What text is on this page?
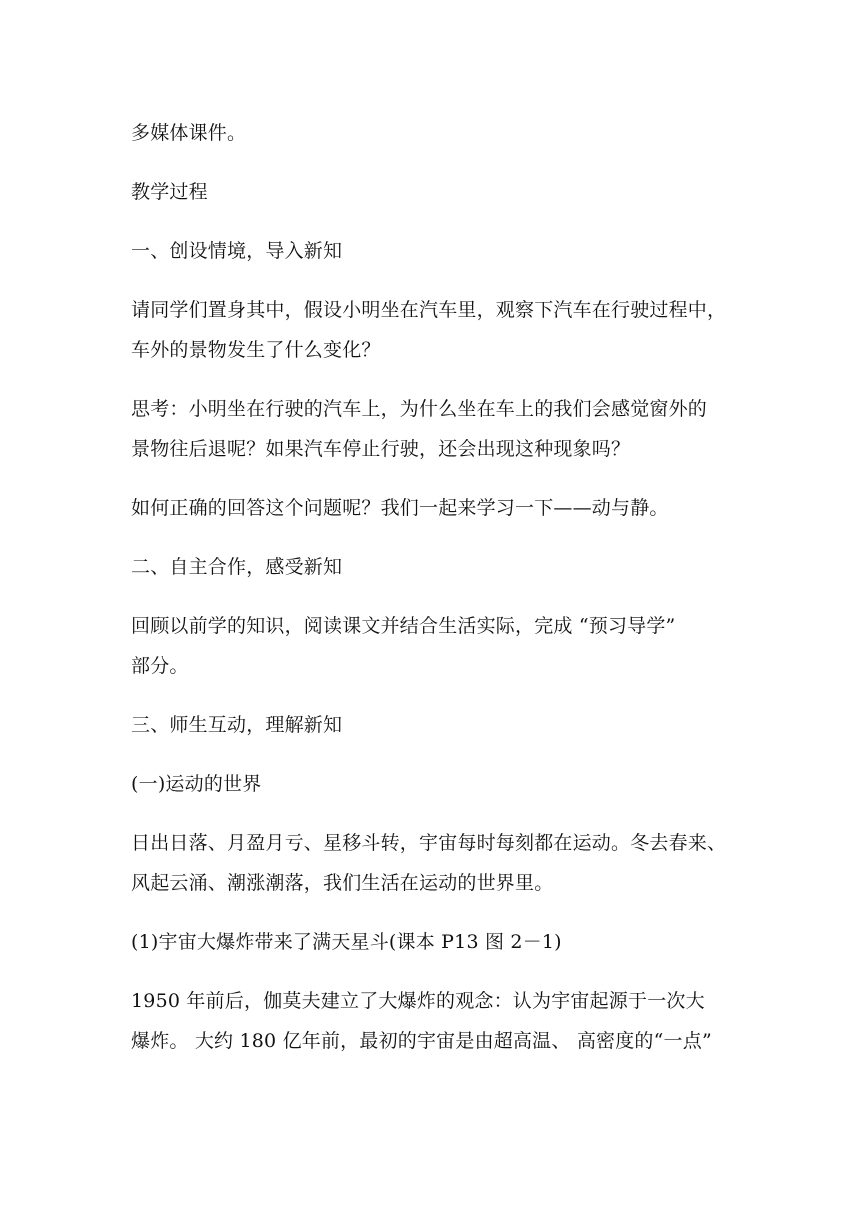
多媒体课件。

教学过程

一、创设情境，导入新知

请同学们置身其中，假设小明坐在汽车里，观察下汽车在行驶过程中，
车外的景物发生了什么变化？

思考：小明坐在行驶的汽车上，为什么坐在车上的我们会感觉窗外的
景物往后退呢？如果汽车停止行驶，还会出现这种现象吗？

如何正确的回答这个问题呢？我们一起来学习一下——动与静。

二、自主合作，感受新知

回顾以前学的知识，阅读课文并结合生活实际，完成 “预习导学”
部分。

三、师生互动，理解新知

(一)运动的世界

日出日落、月盈月亏、星移斗转，宇宙每时每刻都在运动。冬去春来、
风起云涌、潮涨潮落，我们生活在运动的世界里。

(1)宇宙大爆炸带来了满天星斗(课本 P13 图 2－1)

1950 年前后，伽莫夫建立了大爆炸的观念：认为宇宙起源于一次大
爆炸。 大约 180 亿年前，最初的宇宙是由超高温、 高密度的“一点”
